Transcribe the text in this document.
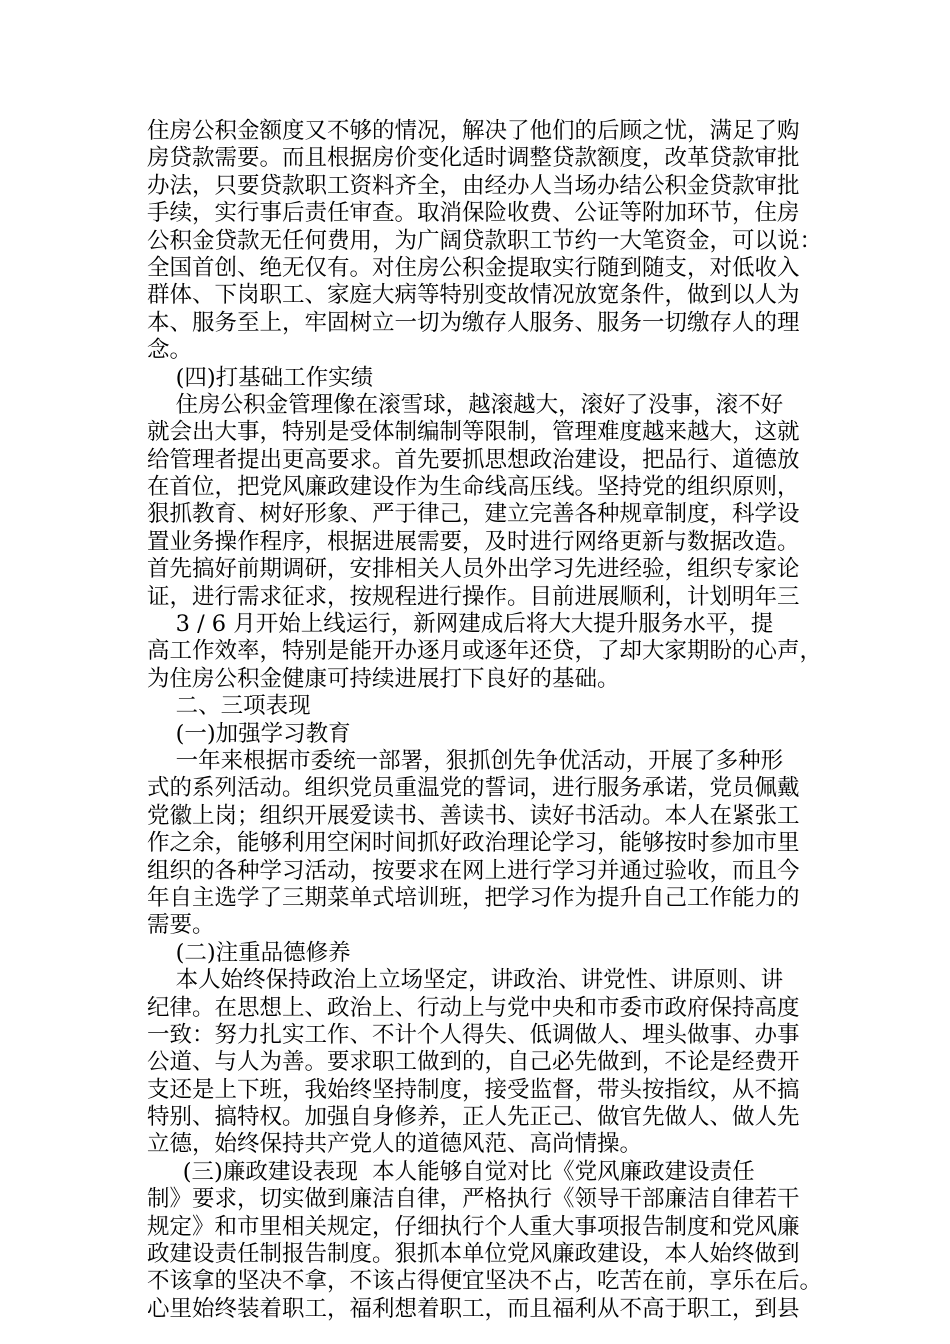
住房公积金额度又不够的情况，解决了他们的后顾之忧，满足了购
房贷款需要。而且根据房价变化适时调整贷款额度，改革贷款审批
办法，只要贷款职工资料齐全，由经办人当场办结公积金贷款审批
手续，实行事后责任审查。取消保险收费、公证等附加环节，住房
公积金贷款无任何费用，为广阔贷款职工节约一大笔资金，可以说：
全国首创、绝无仅有。对住房公积金提取实行随到随支，对低收入
群体、下岗职工、家庭大病等特别变故情况放宽条件，做到以人为
本、服务至上，牢固树立一切为缴存人服务、服务一切缴存人的理
念。
(四)打基础工作实绩
住房公积金管理像在滚雪球，越滚越大，滚好了没事，滚不好
就会出大事，特别是受体制编制等限制，管理难度越来越大，这就
给管理者提出更高要求。首先要抓思想政治建设，把品行、道德放
在首位，把党风廉政建设作为生命线高压线。坚持党的组织原则，
狠抓教育、树好形象、严于律己，建立完善各种规章制度，科学设
置业务操作程序，根据进展需要，及时进行网络更新与数据改造。
首先搞好前期调研，安排相关人员外出学习先进经验，组织专家论
证，进行需求征求，按规程进行操作。目前进展顺利，计划明年三
3 / 6 月开始上线运行，新网建成后将大大提升服务水平，提
高工作效率，特别是能开办逐月或逐年还贷，了却大家期盼的心声，
为住房公积金健康可持续进展打下良好的基础。
二、三项表现
(一)加强学习教育
一年来根据市委统一部署，狠抓创先争优活动，开展了多种形
式的系列活动。组织党员重温党的誓词，进行服务承诺，党员佩戴
党徽上岗；组织开展爱读书、善读书、读好书活动。本人在紧张工
作之余，能够利用空闲时间抓好政治理论学习，能够按时参加市里
组织的各种学习活动，按要求在网上进行学习并通过验收，而且今
年自主选学了三期菜单式培训班，把学习作为提升自己工作能力的
需要。
(二)注重品德修养
本人始终保持政治上立场坚定，讲政治、讲党性、讲原则、讲
纪律。在思想上、政治上、行动上与党中央和市委市政府保持高度
一致：努力扎实工作、不计个人得失、低调做人、埋头做事、办事
公道、与人为善。要求职工做到的，自己必先做到，不论是经费开
支还是上下班，我始终坚持制度，接受监督，带头按指纹，从不搞
特别、搞特权。加强自身修养，正人先正己、做官先做人、做人先
立德，始终保持共产党人的道德风范、高尚情操。
(三)廉政建设表现  本人能够自觉对比《党风廉政建设责任
制》要求，切实做到廉洁自律，严格执行《领导干部廉洁自律若干
规定》和市里相关规定，仔细执行个人重大事项报告制度和党风廉
政建设责任制报告制度。狠抓本单位党风廉政建设，本人始终做到
不该拿的坚决不拿，不该占得便宜坚决不占，吃苦在前，享乐在后。
心里始终装着职工，福利想着职工，而且福利从不高于职工，到县
